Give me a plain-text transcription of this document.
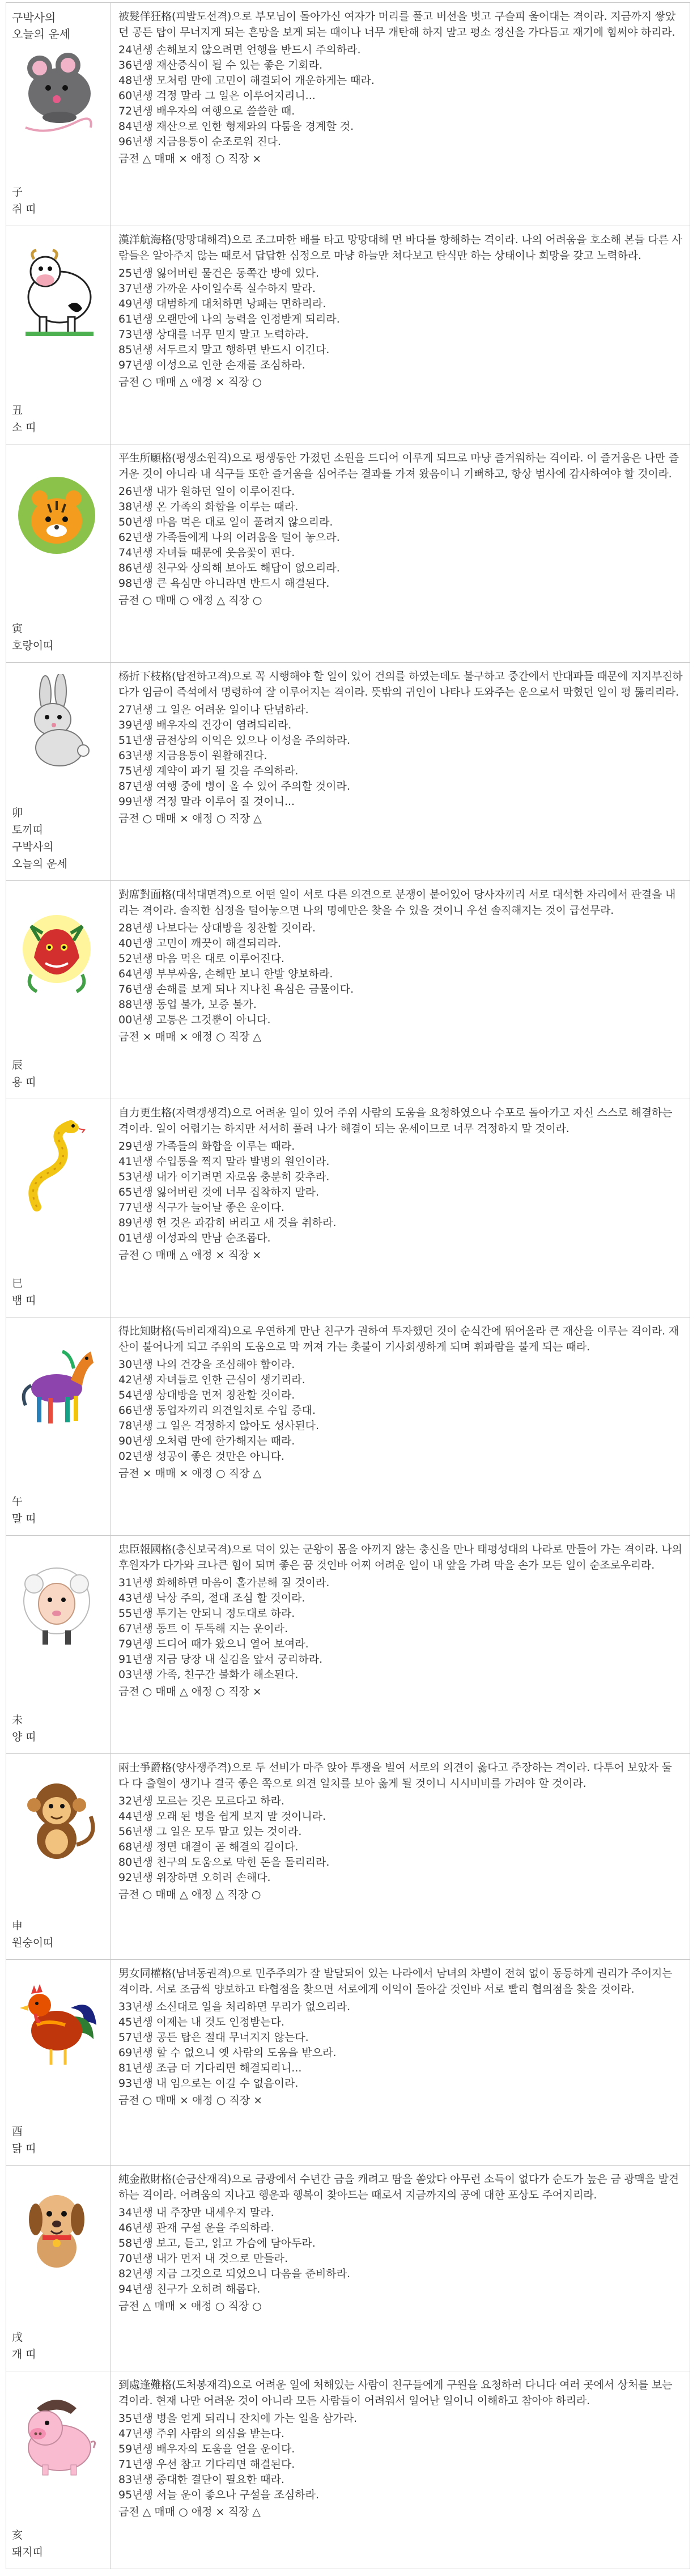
구박사의
오늘의 운세
子
쥐 띠

被髮佯狂格(피발도선격)으로 부모님이 돌아가신 여자가 머리를 풀고 버선을 벗고 구슬피 울어대는 격이라. 지금까지 쌓았던 공든 탑이 무너지게 되는 흔망을 보게 되는 때이나 너무 개탄해 하지 말고 평소 정신을 가다듬고 재기에 힘써야 하리라.

24년생 손해보지 않으려면 언행을 반드시 주의하라.

36년생 재산증식이 될 수 있는 좋은 기회라.

48년생 모처럼 만에 고민이 해결되어 개운하게는 때라.

60년생 걱정 말라 그 일은 이루어지리니...

72년생 배우자의 여행으로 쓸쓸한 때.

84년생 재산으로 인한 형제와의 다툼을 경계할 것.

96년생 지금용통이 순조로워 진다.

금전 △ 매매 × 애정 ○ 직장 ×

丑
소 띠

漢洋航海格(망망대해격)으로 조그마한 배를 타고 망망대해 먼 바다를 항해하는 격이라. 나의 어려움을 호소해 본들 다른 사람들은 알아주지 않는 때로서 답답한 심정으로 마냥 하늘만 쳐다보고 탄식만 하는 상태이나 희망을 갖고 노력하라.

25년생 잃어버린 물건은 동쪽간 방에 있다.

37년생 가까운 사이일수록 실수하지 말라.

49년생 대범하게 대처하면 낭패는 면하리라.

61년생 오랜만에 나의 능력을 인정받게 되리라.

73년생 상대를 너무 믿지 말고 노력하라.

85년생 서두르지 말고 행하면 반드시 이긴다.

97년생 이성으로 인한 손재를 조심하라.

금전 ○ 매매 △ 애정 × 직장 ○

寅
호랑이띠

平生所願格(평생소원격)으로 평생동안 가졌던 소원을 드디어 이루게 되므로 마냥 즐거워하는 격이라. 이 즐거움은 나만 즐거운 것이 아니라 내 식구들 또한 즐거움을 심어주는 결과를 가져 왔음이니 기뻐하고, 항상 범사에 감사하여야 할 것이라.

26년생 내가 원하던 일이 이루어진다.

38년생 온 가족의 화합을 이루는 때라.

50년생 마음 먹은 대로 일이 풀려지 않으리라.

62년생 가족들에게 나의 어려움을 털어 놓으라.

74년생 자녀들 때문에 웃음꽃이 핀다.

86년생 친구와 상의해 보아도 해답이 없으리라.

98년생 큰 욕심만 아니라면 반드시 해결된다.

금전 ○ 매매 ○ 애정 △ 직장 ○

卯
토끼띠
구박사의
오늘의 운세

杨折下枝格(탑전하고격)으로 꼭 시행해야 할 일이 있어 건의를 하였는데도 불구하고 중간에서 반대파들 때문에 지지부진하다가 임금이 즉석에서 명령하여 잘 이루어지는 격이라. 뜻밖의 귀인이 나타나 도와주는 운으로서 막혔던 일이 펑 뚫리리라.

27년생 그 일은 어려운 일이나 단념하라.

39년생 배우자의 건강이 염려되리라.

51년생 금전상의 이익은 있으나 이성을 주의하라.

63년생 지금용통이 원활해진다.

75년생 계약이 파기 될 것을 주의하라.

87년생 여행 중에 병이 올 수 있어 주의할 것이라.

99년생 걱정 말라 이루어 질 것이니...

금전 ○ 매매 × 애정 ○ 직장 △

辰
용 띠

對席對面格(대석대면격)으로 어떤 일이 서로 다른 의견으로 분쟁이 붙어있어 당사자끼리 서로 대석한 자리에서 판결을 내리는 격이라. 솔직한 심정을 털어놓으면 나의 명예만은 찾을 수 있을 것이니 우선 솔직해지는 것이 급선무라.

28년생 나보다는 상대방을 칭찬할 것이라.

40년생 고민이 깨끗이 해결되리라.

52년생 마음 먹은 대로 이루어진다.

64년생 부부싸움, 손해만 보니 한발 양보하라.

76년생 손해를 보게 되나 지나친 욕심은 금물이다.

88년생 동업 불가, 보증 불가.

00년생 고통은 그것뿐이 아니다.

금전 × 매매 × 애정 ○ 직장 △

巳
뱀 띠

自力更生格(자력갱생격)으로 어려운 일이 있어 주위 사람의 도움을 요청하였으나 수포로 돌아가고 자신 스스로 해결하는 격이라. 일이 어렵기는 하지만 서서히 풀려 나가 해결이 되는 운세이므로 너무 걱정하지 말 것이라.

29년생 가족들의 화합을 이루는 때라.

41년생 수입통을 찍지 말라 발병의 원인이라.

53년생 내가 이기려면 자로움 충분히 갖추라.

65년생 잃어버린 것에 너무 집착하지 말라.

77년생 식구가 늘어날 좋은 운이다.

89년생 헌 것은 과감히 버리고 새 것을 취하라.

01년생 이성과의 만남 순조롭다.

금전 ○ 매매 △ 애정 × 직장 ×

午
말 띠

得比知財格(득비리재격)으로 우연하게 만난 친구가 권하여 투자했던 것이 순식간에 뛰어올라 큰 재산을 이루는 격이라. 재산이 불어나게 되고 주위의 도움으로 막 꺼져 가는 촛불이 기사회생하게 되며 휘파람을 불게 되는 때라.

30년생 나의 건강을 조심해야 함이라.

42년생 자녀들로 인한 근심이 생기리라.

54년생 상대방을 먼저 칭찬할 것이라.

66년생 동업자끼리 의견일치로 수입 증대.

78년생 그 일은 걱정하지 않아도 성사된다.

90년생 오처럼 만에 한가해지는 때라.

02년생 성공이 좋은 것만은 아니다.

금전 × 매매 × 애정 ○ 직장 △

未
양 띠

忠臣報國格(충신보국격)으로 덕이 있는 군왕이 몸을 아끼지 않는 충신을 만나 태평성대의 나라로 만들어 가는 격이라. 나의 후원자가 다가와 크나큰 힘이 되며 좋은 꿈 것인바 어찌 어려운 일이 내 앞을 가려 막을 손가 모든 일이 순조로우리라.

31년생 화해하면 마음이 홀가분해 질 것이라.

43년생 낙상 주의, 절대 조심 할 것이라.

55년생 투기는 안되니 정도대로 하라.

67년생 동트 이 두독해 지는 운이라.

79년생 드디어 때가 왔으니 열어 보여라.

91년생 지금 당장 내 실김을 앞서 궁리하라.

03년생 가족, 친구간 불화가 해소된다.

금전 ○ 매매 △ 애정 ○ 직장 ×

申
원숭이띠

兩士爭爵格(양사쟁주격)으로 두 선비가 마주 앉아 투쟁을 벌여 서로의 의견이 옳다고 주장하는 격이라. 다투어 보았자 둘 다 다 출혈이 생기나 결국 좋은 쪽으로 의견 일치를 보아 옳게 될 것이니 시시비비를 가려야 할 것이라.

32년생 모르는 것은 모르다고 하라.

44년생 오래 된 병을 쉽게 보지 말 것이니라.

56년생 그 일은 모두 맡고 있는 것이라.

68년생 정면 대결이 곧 해결의 길이다.

80년생 친구의 도움으로 막힌 돈을 돌리리라.

92년생 위장하면 오히려 손해다.

금전 ○ 매매 △ 애정 △ 직장 ○

酉
닭 띠

男女同權格(남녀동권격)으로 민주주의가 잘 발달되어 있는 나라에서 남녀의 차별이 전혀 없이 동등하게 권리가 주어지는 격이라. 서로 조금씩 양보하고 타협점을 찾으면 서로에게 이익이 돌아갈 것인바 서로 빨리 협의점을 찾을 것이라.

33년생 소신대로 일을 처리하면 무리가 없으리라.

45년생 이제는 내 것도 인정받는다.

57년생 공든 탑은 절대 무너지지 않는다.

69년생 할 수 없으니 옛 사람의 도움을 받으라.

81년생 조금 더 기다리면 해결되리니...

93년생 내 임으로는 이길 수 없음이라.

금전 ○ 매매 × 애정 ○ 직장 ×

戌
개 띠

純金散財格(순금산재격)으로 금광에서 수년간 금을 캐려고 땀을 쏟았다 아무런 소득이 없다가 순도가 높은 금 광맥을 발견하는 격이라. 어려움의 지나고 행운과 행복이 찾아드는 때로서 지금까지의 공에 대한 포상도 주어지리라.

34년생 내 주장만 내세우지 말라.

46년생 관재 구설 운을 주의하라.

58년생 보고, 듣고, 읽고 가슴에 담아두라.

70년생 내가 먼저 내 것으로 만들라.

82년생 지금 그것으로 되었으니 다음을 준비하라.

94년생 친구가 오히려 해롭다.

금전 △ 매매 × 애정 ○ 직장 ○

亥
돼지띠

到處逢難格(도처봉재격)으로 어려운 일에 처해있는 사람이 친구들에게 구원을 요청하러 다니다 여러 곳에서 상처를 보는 격이라. 현재 나만 어려운 것이 아니라 모든 사람들이 어려워서 일어난 일이니 이해하고 참아야 하리라.

35년생 병을 얻게 되리니 잔치에 가는 일을 삼가라.

47년생 주위 사람의 의심을 받는다.

59년생 배우자의 도움을 얻을 운이다.

71년생 우선 참고 기다리면 해결된다.

83년생 중대한 결단이 필요한 때라.

95년생 서늘 운이 좋으나 구설을 조심하라.

금전 △ 매매 ○ 애정 × 직장 △
